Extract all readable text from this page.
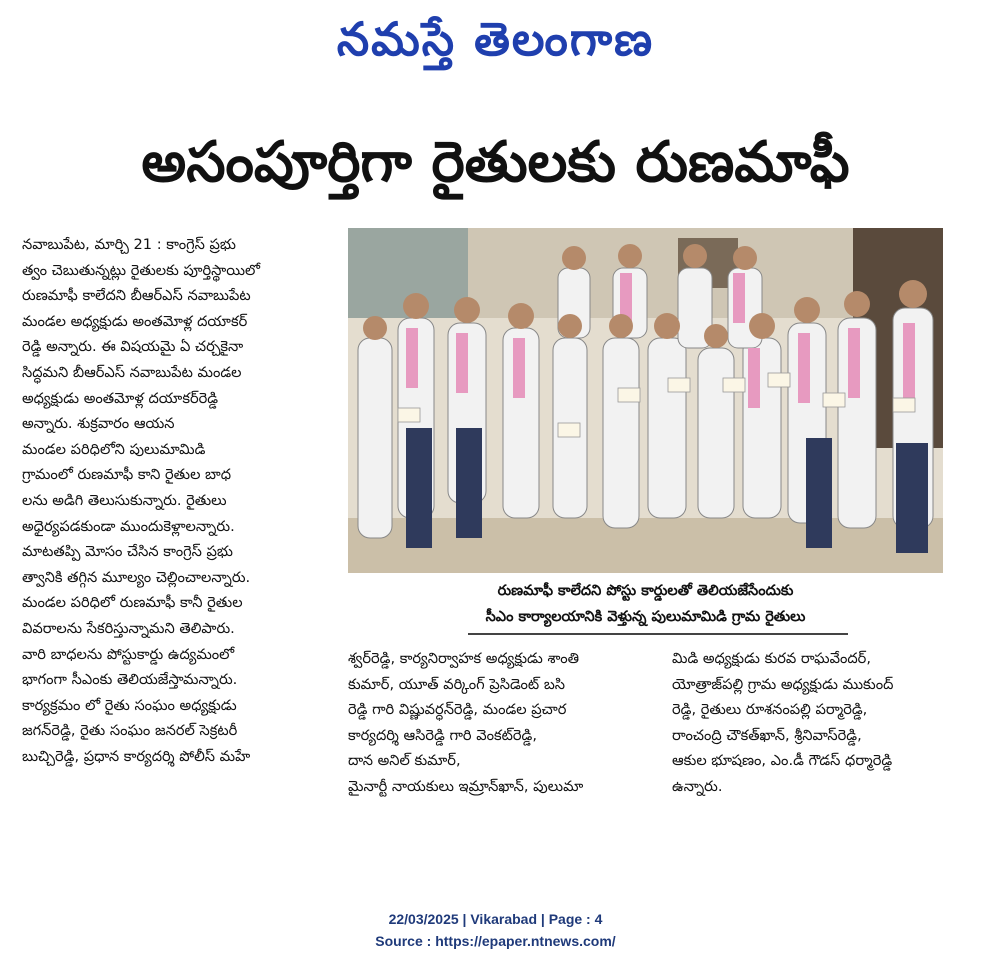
నమస్తే తెలంగాణ
అసంపూర్తిగా రైతులకు రుణమాఫీ
నవాబుపేట, మార్చి 21 : కాంగ్రెస్ ప్రభు
త్వం చెబుతున్నట్లు రైతులకు పూర్తిస్థాయిలో
రుణమాఫీ కాలేదని బీఆర్ఎస్ నవాబుపేట
మండల అధ్యక్షుడు అంతమోళ్ల దయాకర్
రెడ్డి అన్నారు. ఈ విషయమై ఏ చర్చకైనా
సిద్ధమని బీఆర్ఎస్ నవాబుపేట మండల
అధ్యక్షుడు అంతమోళ్ల దయాకర్‌రెడ్డి
అన్నారు. శుక్రవారం ఆయన
మండల పరిధిలోని పులుమామిడి
గ్రామంలో రుణమాఫీ కాని రైతుల బాధ
లను అడిగి తెలుసుకున్నారు. రైతులు
అధైర్యపడకుండా ముందుకెళ్లాలన్నారు.
మాటతప్పి మోసం చేసిన కాంగ్రెస్ ప్రభు
త్వానికి తగ్గిన మూల్యం చెల్లించాలన్నారు.
మండల పరిధిలో రుణమాఫీ కానీ రైతుల
వివరాలను సేకరిస్తున్నామని తెలిపారు.
వారి బాధలను పోస్టుకార్డు ఉద్యమంలో
భాగంగా సీఎంకు తెలియజేస్తామన్నారు.
కార్యక్రమం లో రైతు సంఘం అధ్యక్షుడు
జగన్‌రెడ్డి, రైతు సంఘం జనరల్ సెక్రటరీ
బుచ్చిరెడ్డి, ప్రధాన కార్యదర్శి పోలీస్ మహే
రుణమాఫీ కాలేదని పోస్టు కార్డులతో తెలియజేసేందుకు
సీఎం కార్యాలయానికి వెళ్తున్న పులుమామిడి గ్రామ రైతులు
శ్వర్‌రెడ్డి, కార్యనిర్వాహక అధ్యక్షుడు శాంతి
కుమార్, యూత్ వర్కింగ్ ప్రెసిడెంట్ బసి
రెడ్డి గారి విష్ణువర్ధన్‌రెడ్డి, మండల ప్రచార
కార్యదర్శి ఆసిరెడ్డి గారి వెంకట్‌రెడ్డి,
దాన అనిల్ కుమార్,
మైనార్టీ నాయకులు ఇమ్రాన్‌ఖాన్, పులుమా
మిడి అధ్యక్షుడు కురవ రాఘవేందర్,
యోత్రాజ్‌పల్లి గ్రామ అధ్యక్షుడు ముకుంద్
రెడ్డి, రైతులు రూశనంపల్లి పర్మారెడ్డి,
రాంచంద్రి చౌకత్‌ఖాన్, శ్రీనివాస్‌రెడ్డి,
ఆకుల భూషణం, ఎం.డీ గౌడస్ ధర్మారెడ్డి
ఉన్నారు.
22/03/2025 | Vikarabad | Page : 4
Source : https://epaper.ntnews.com/
